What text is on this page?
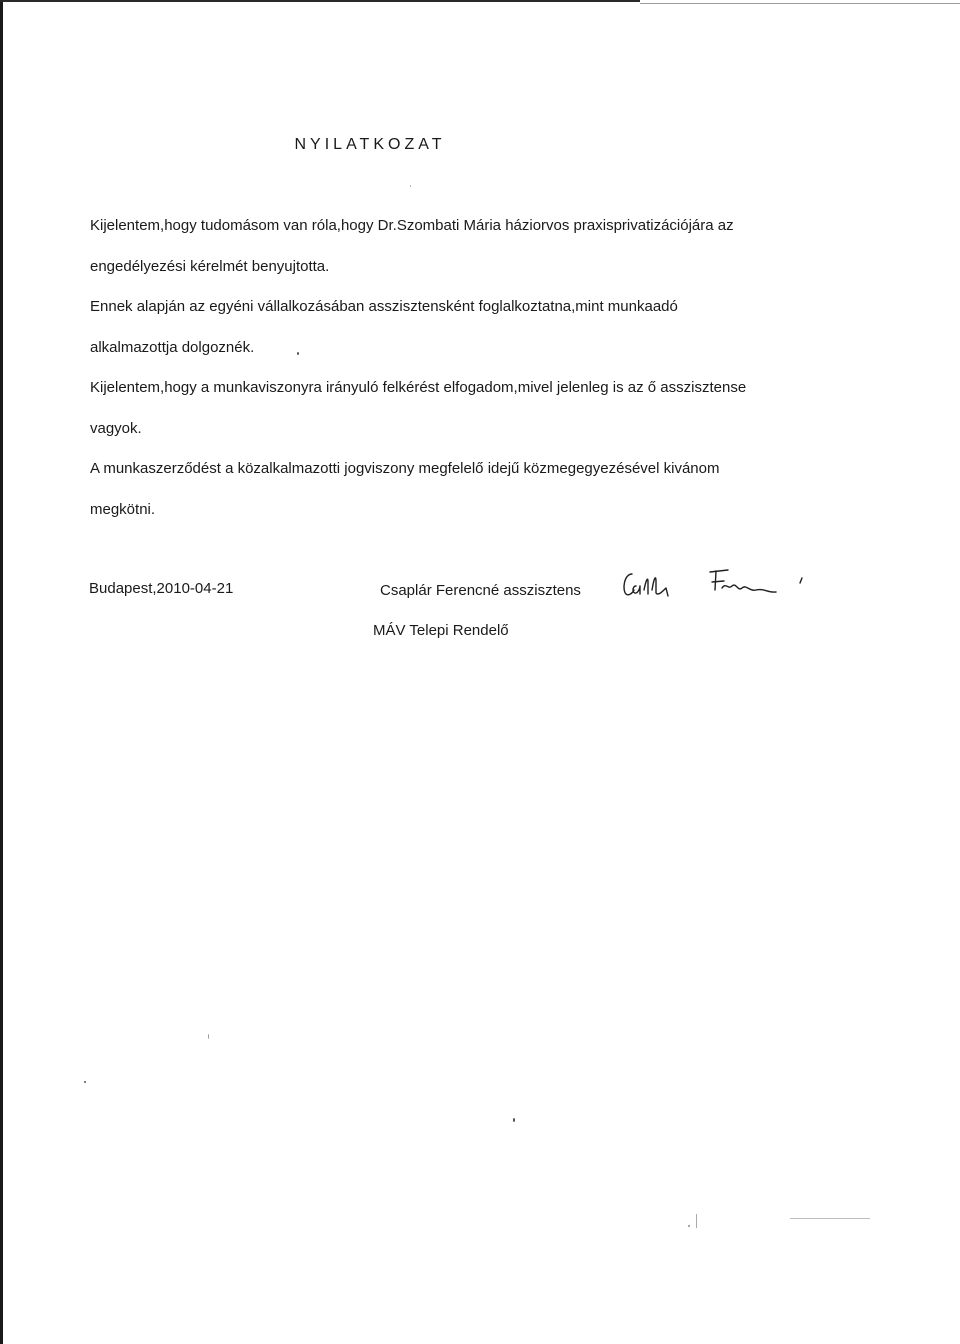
NYILATKOZAT
Kijelentem,hogy tudomásom van róla,hogy Dr.Szombati Mária háziorvos praxisprivatizációjára az
engedélyezési kérelmét benyujtotta.
Ennek alapján az egyéni vállalkozásában asszisztensként foglalkoztatna,mint munkaadó
alkalmazottja dolgoznék.
Kijelentem,hogy a munkaviszonyra irányuló felkérést elfogadom,mivel jelenleg is az ő asszisztense
vagyok.
A munkaszerződést a közalkalmazotti jogviszony megfelelő idejű közmegegyezésével kivánom
megkötni.
Budapest,2010-04-21	Csaplár Ferencné asszisztens
MÁV Telepi Rendelő
